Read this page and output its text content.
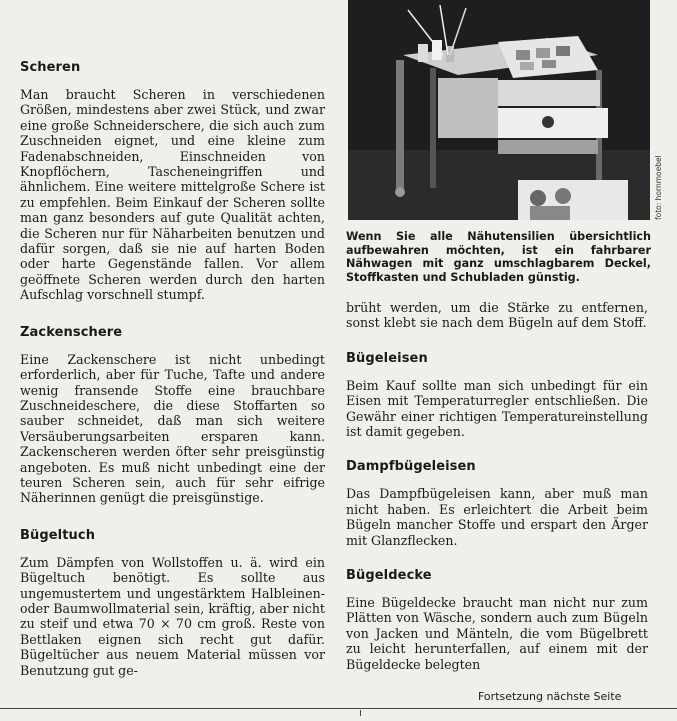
foto: hornmoebel
Wenn Sie alle Nähutensilien übersichtlich aufbewahren möchten, ist ein fahrbarer Nähwagen mit ganz umschlagbarem Deckel, Stoffkasten und Schubladen günstig.
Scheren

Man braucht Scheren in verschiedenen Größen, mindestens aber zwei Stück, und zwar eine große Schneiderschere, die sich auch zum Zuschneiden eignet, und eine kleine zum Fadenabschneiden, Einschneiden von Knopflöchern, Tascheneingriffen und ähnlichem. Eine weitere mittelgroße Schere ist zu empfehlen. Beim Einkauf der Scheren sollte man ganz besonders auf gute Qualität achten, die Scheren nur für Näharbeiten benutzen und dafür sorgen, daß sie nie auf harten Boden oder harte Gegenstände fallen. Vor allem geöffnete Scheren werden durch den harten Aufschlag vorschnell stumpf.

Zackenschere

Eine Zackenschere ist nicht unbedingt erforderlich, aber für Tuche, Tafte und andere wenig fransende Stoffe eine brauchbare Zuschneideschere, die diese Stoffarten so sauber schneidet, daß man sich weitere Versäuberungsarbeiten ersparen kann. Zackenscheren werden öfter sehr preisgünstig angeboten. Es muß nicht unbedingt eine der teuren Scheren sein, auch für sehr eifrige Näherinnen genügt die preisgünstige.

Bügeltuch

Zum Dämpfen von Wollstoffen u. ä. wird ein Bügeltuch benötigt. Es sollte aus ungemustertem und ungestärktem Halbleinen- oder Baumwollmaterial sein, kräftig, aber nicht zu steif und etwa 70 × 70 cm groß. Reste von Bettlaken eignen sich recht gut dafür. Bügeltücher aus neuem Material müssen vor Benutzung gut ge-

brüht werden, um die Stärke zu entfernen, sonst klebt sie nach dem Bügeln auf dem Stoff.

Bügeleisen

Beim Kauf sollte man sich unbedingt für ein Eisen mit Temperaturregler entschließen. Die Gewähr einer richtigen Temperatureinstellung ist damit gegeben.

Dampfbügeleisen

Das Dampfbügeleisen kann, aber muß man nicht haben. Es erleichtert die Arbeit beim Bügeln mancher Stoffe und erspart den Ärger mit Glanzflecken.

Bügeldecke

Eine Bügeldecke braucht man nicht nur zum Plätten von Wäsche, sondern auch zum Bügeln von Jacken und Mänteln, die vom Bügelbrett zu leicht herunterfallen, auf einem mit der Bügeldecke belegten

Fortsetzung nächste Seite
